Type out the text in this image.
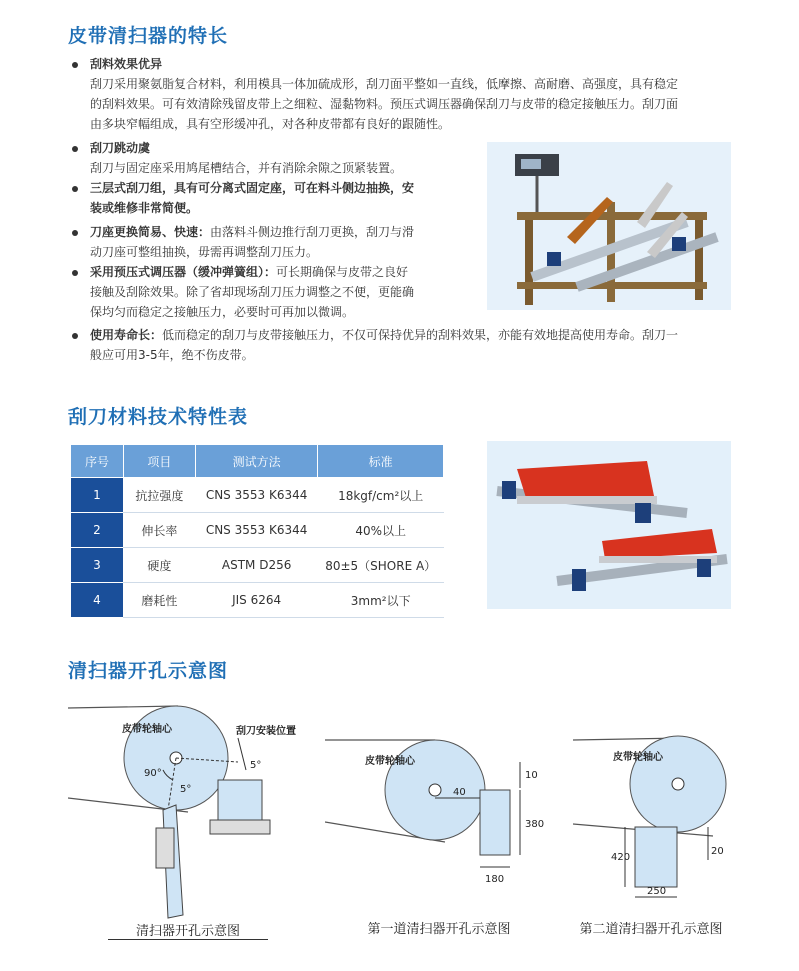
皮带清扫器的特长
刮料效果优异
刮刀采用聚氨脂复合材料，利用模具一体加硫成形，刮刀面平整如一直线，低摩擦、高耐磨、高强度，具有稳定
的刮料效果。可有效清除残留皮带上之细粒、湿黏物料。预压式调压器确保刮刀与皮带的稳定接触压力。刮刀面
由多块窄幅组成，具有空形缓冲孔，对各种皮带都有良好的跟随性。
刮刀跳动虞
刮刀与固定座采用鸠尾槽结合，并有消除余隙之顶紧装置。
三层式刮刀组，具有可分离式固定座，可在料斗侧边抽换，安
装或维修非常简便。
刀座更换简易、快速：由落料斗侧边推行刮刀更换，刮刀与滑
动刀座可整组抽换，毋需再调整刮刀压力。
采用预压式调压器（缓冲弹簧组）：可长期确保与皮带之良好
接触及刮除效果。除了省却现场刮刀压力调整之不便，更能确
保均匀而稳定之接触压力，必要时可再加以微调。
使用寿命长：低而稳定的刮刀与皮带接触压力，不仅可保持优异的刮料效果，亦能有效地提高使用寿命。刮刀一
般应可用3-5年，绝不伤皮带。
刮刀材料技术特性表
序号	项目	测试方法	标准
1	抗拉强度	CNS 3553 K6344	18kgf/cm²以上
2	伸长率	CNS 3553 K6344	40%以上
3	硬度	ASTM D256	80±5（SHORE A）
4	磨耗性	JIS 6264	3mm²以下
清扫器开孔示意图
皮带轮轴心	刮刀安装位置
90°
5°
5°
清扫器开孔示意图
皮带轮轴心
40
10
380
180
第一道清扫器开孔示意图
皮带轮轴心
420
20
250
第二道清扫器开孔示意图
